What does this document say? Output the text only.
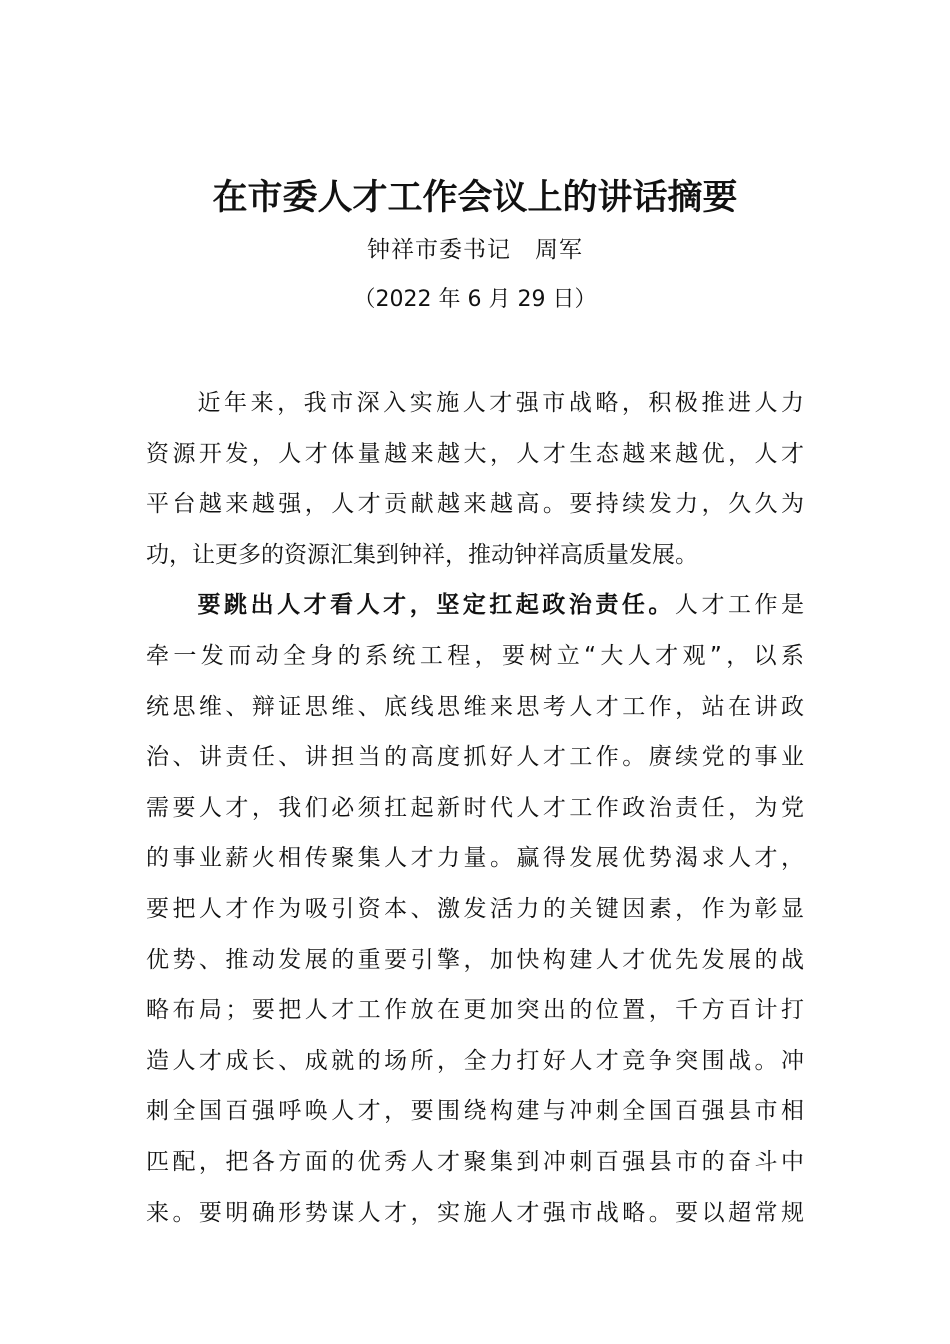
在市委人才工作会议上的讲话摘要
钟祥市委书记 周军
（2022 年 6 月 29 日）
近年来，我市深入实施人才强市战略，积极推进人力
资源开发，人才体量越来越大，人才生态越来越优，人才
平台越来越强，人才贡献越来越高。要持续发力，久久为
功，让更多的资源汇集到钟祥，推动钟祥高质量发展。
要跳出人才看人才，坚定扛起政治责任。人才工作是
牵一发而动全身的系统工程，要树立“大人才观”，以系
统思维、辩证思维、底线思维来思考人才工作，站在讲政
治、讲责任、讲担当的高度抓好人才工作。赓续党的事业
需要人才，我们必须扛起新时代人才工作政治责任，为党
的事业薪火相传聚集人才力量。赢得发展优势渴求人才，
要把人才作为吸引资本、激发活力的关键因素，作为彰显
优势、推动发展的重要引擎，加快构建人才优先发展的战
略布局；要把人才工作放在更加突出的位置，千方百计打
造人才成长、成就的场所，全力打好人才竞争突围战。冲
刺全国百强呼唤人才，要围绕构建与冲刺全国百强县市相
匹配，把各方面的优秀人才聚集到冲刺百强县市的奋斗中
来。要明确形势谋人才，实施人才强市战略。要以超常规
